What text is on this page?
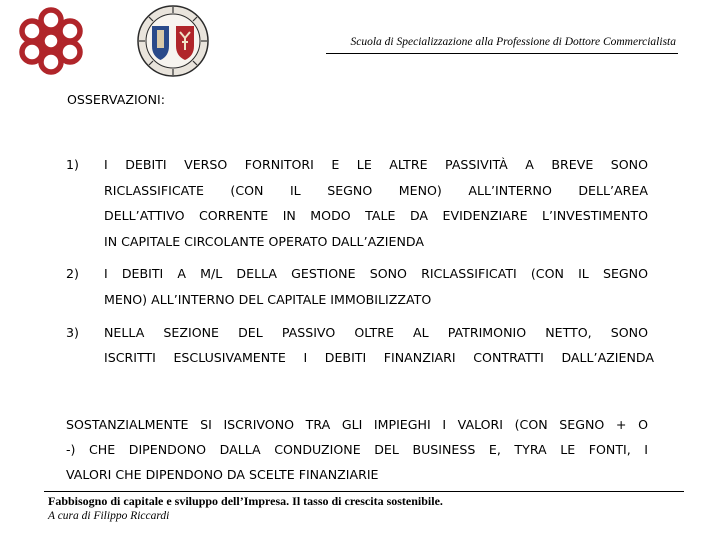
Scuola di Specializzazione alla Professione di Dottore Commercialista
OSSERVAZIONI:
1) I DEBITI VERSO FORNITORI E LE ALTRE PASSIVITÀ A BREVE SONO
RICLASSIFICATE (CON IL SEGNO MENO) ALL’INTERNO DELL’AREA
DELL’ATTIVO CORRENTE IN MODO TALE DA EVIDENZIARE L’INVESTIMENTO
IN CAPITALE CIRCOLANTE OPERATO DALL’AZIENDA
2) I DEBITI A M/L DELLA GESTIONE SONO RICLASSIFICATI (CON IL SEGNO
MENO) ALL’INTERNO DEL CAPITALE IMMOBILIZZATO
3) NELLA SEZIONE DEL PASSIVO OLTRE AL PATRIMONIO NETTO, SONO
ISCRITTI ESCLUSIVAMENTE I DEBITI FINANZIARI CONTRATTI DALL’AZIENDA
SOSTANZIALMENTE SI ISCRIVONO TRA GLI IMPIEGHI I VALORI (CON SEGNO + O
-) CHE DIPENDONO DALLA CONDUZIONE DEL BUSINESS E, TYRA LE FONTI, I
VALORI CHE DIPENDONO DA SCELTE FINANZIARIE
Fabbisogno di capitale e sviluppo dell’Impresa. Il tasso di crescita sostenibile.
A cura di Filippo Riccardi
